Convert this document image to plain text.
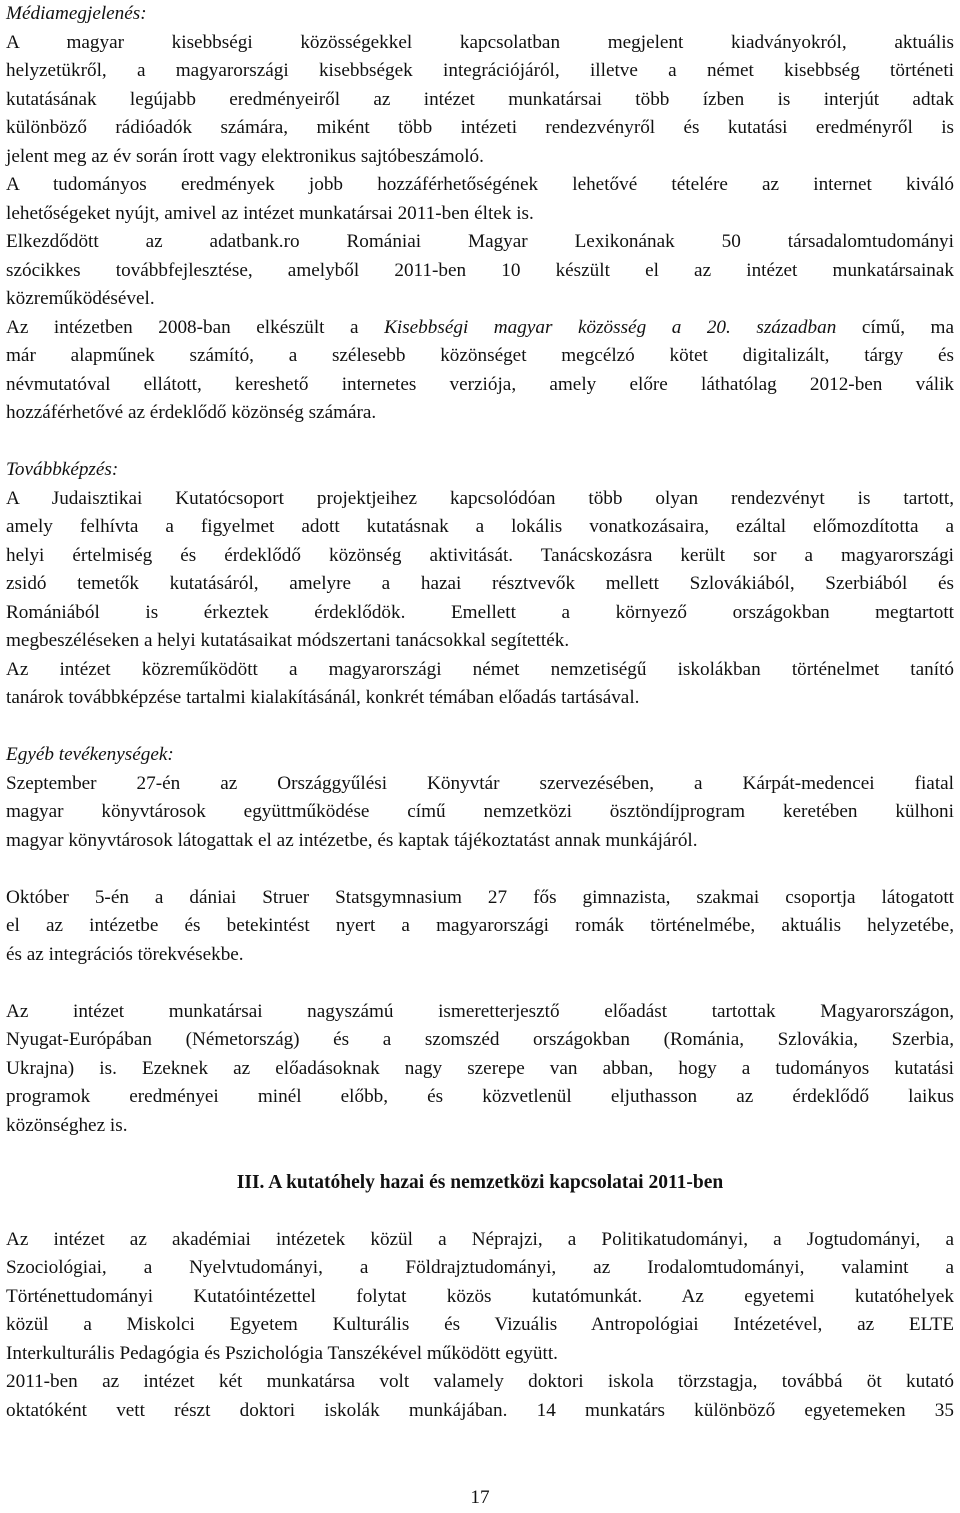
Médiamegjelenés:
A magyar kisebbségi közösségekkel kapcsolatban megjelent kiadványokról, aktuális
helyzetükről, a magyarországi kisebbségek integrációjáról, illetve a német kisebbség történeti
kutatásának legújabb eredményeiről az intézet munkatársai több ízben is interjút adtak
különböző rádióadók számára, miként több intézeti rendezvényről és kutatási eredményről is
jelent meg az év során írott vagy elektronikus sajtóbeszámoló.
A tudományos eredmények jobb hozzáférhetőségének lehetővé tételére az internet kiváló
lehetőségeket nyújt, amivel az intézet munkatársai 2011-ben éltek is.
Elkezdődött az adatbank.ro Romániai Magyar Lexikonának 50 társadalomtudományi
szócikkes továbbfejlesztése, amelyből 2011-ben 10 készült el az intézet munkatársainak
közreműködésével.
Az intézetben 2008-ban elkészült a Kisebbségi magyar közösség a 20. században című, ma
már alapműnek számító, a szélesebb közönséget megcélzó kötet digitalizált, tárgy és
névmutatóval ellátott, kereshető internetes verziója, amely előre láthatólag 2012-ben válik
hozzáférhetővé az érdeklődő közönség számára.
Továbbképzés:
A Judaisztikai Kutatócsoport projektjeihez kapcsolódóan több olyan rendezvényt is tartott,
amely felhívta a figyelmet adott kutatásnak a lokális vonatkozásaira, ezáltal előmozdította a
helyi értelmiség és érdeklődő közönség aktivitását. Tanácskozásra került sor a magyarországi
zsidó temetők kutatásáról, amelyre a hazai résztvevők mellett Szlovákiából, Szerbiából és
Romániából is érkeztek érdeklődök. Emellett a környező országokban megtartott
megbeszéléseken a helyi kutatásaikat módszertani tanácsokkal segítették.
Az intézet közreműködött a magyarországi német nemzetiségű iskolákban történelmet tanító
tanárok továbbképzése tartalmi kialakításánál, konkrét témában előadás tartásával.
Egyéb tevékenységek:
Szeptember 27-én az Országgyűlési Könyvtár szervezésében, a Kárpát-medencei fiatal
magyar könyvtárosok együttműködése című nemzetközi ösztöndíjprogram keretében külhoni
magyar könyvtárosok látogattak el az intézetbe, és kaptak tájékoztatást annak munkájáról.
Október 5-én a dániai Struer Statsgymnasium 27 fős gimnazista, szakmai csoportja látogatott
el az intézetbe és betekintést nyert a magyarországi romák történelmébe, aktuális helyzetébe,
és az integrációs törekvésekbe.
Az intézet munkatársai nagyszámú ismeretterjesztő előadást tartottak Magyarországon,
Nyugat-Európában (Németország) és a szomszéd országokban (Románia, Szlovákia, Szerbia,
Ukrajna) is. Ezeknek az előadásoknak nagy szerepe van abban, hogy a tudományos kutatási
programok eredményei minél előbb, és közvetlenül eljuthasson az érdeklődő laikus
közönséghez is.
III. A kutatóhely hazai és nemzetközi kapcsolatai 2011-ben
Az intézet az akadémiai intézetek közül a Néprajzi, a Politikatudományi, a Jogtudományi, a
Szociológiai, a Nyelvtudományi, a Földrajztudományi, az Irodalomtudományi, valamint a
Történettudományi Kutatóintézettel folytat közös kutatómunkát. Az egyetemi kutatóhelyek
közül a Miskolci Egyetem Kulturális és Vizuális Antropológiai Intézetével, az ELTE
Interkulturális Pedagógia és Pszichológia Tanszékével működött együtt.
2011-ben az intézet két munkatársa volt valamely doktori iskola törzstagja, továbbá öt kutató
oktatóként vett részt doktori iskolák munkájában. 14 munkatárs különböző egyetemeken 35
17
